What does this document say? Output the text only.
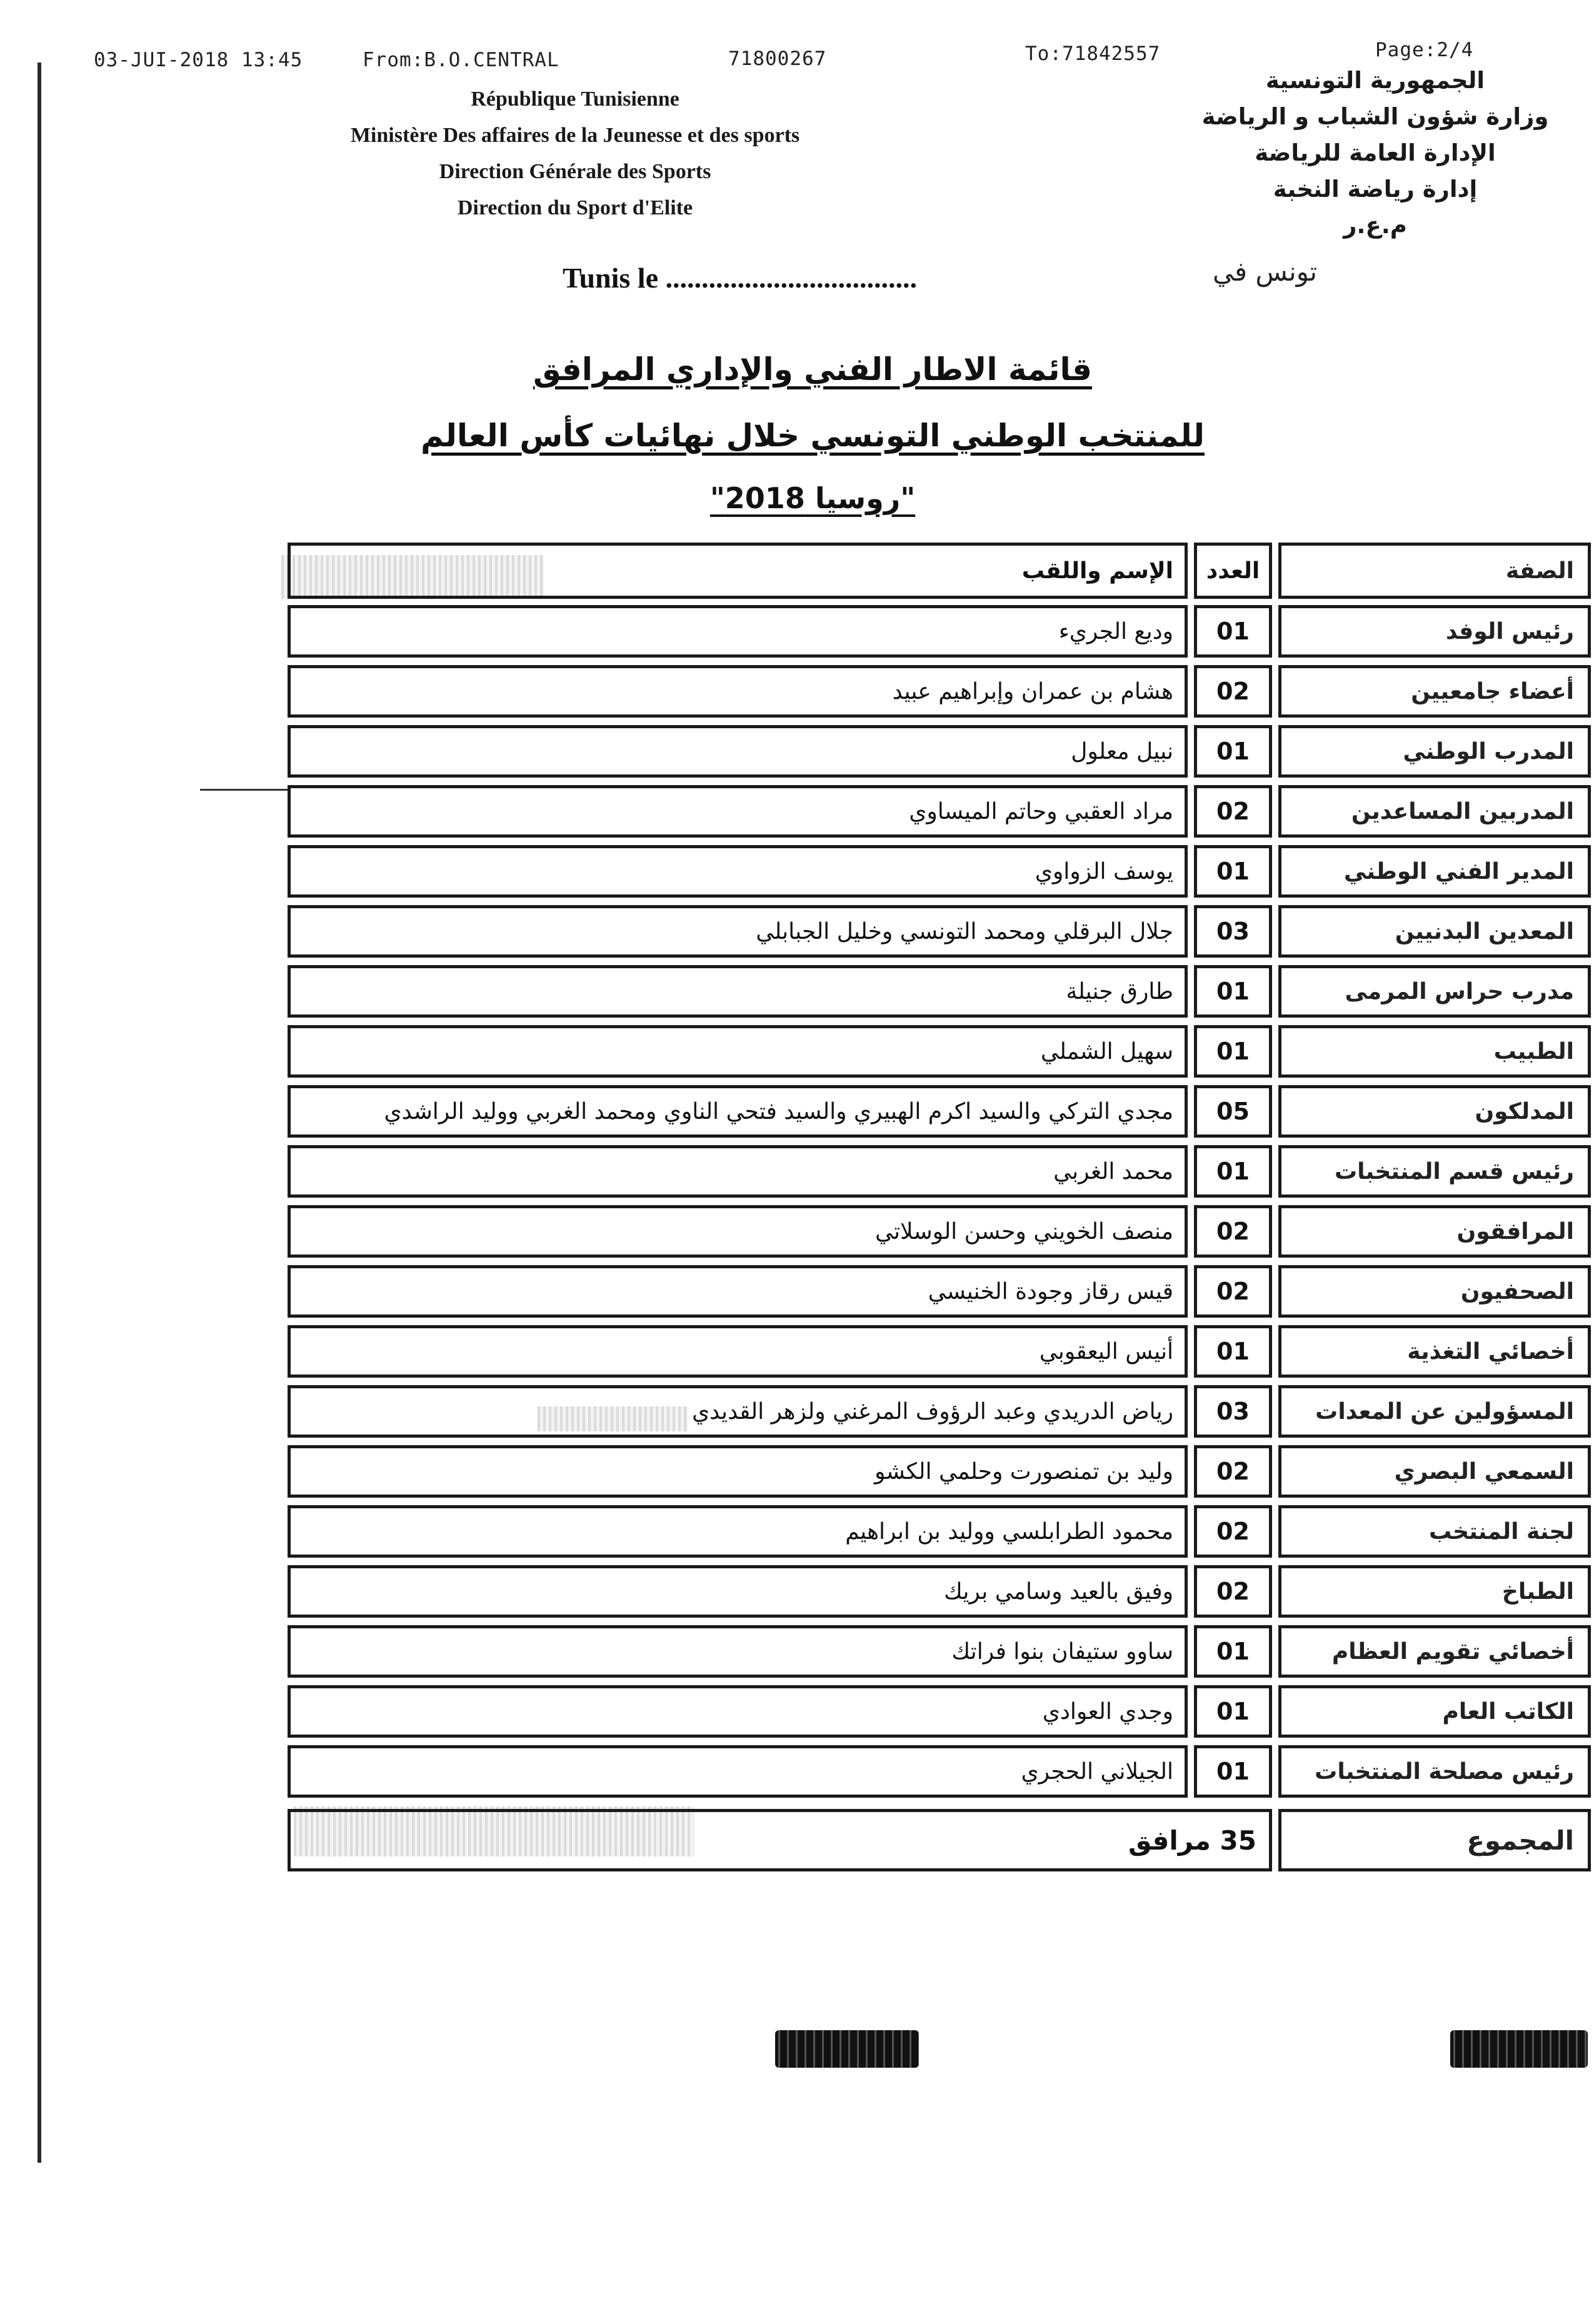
03-JUI-2018 13:45	From:B.O.CENTRAL	71800267	To:71842557	Page:2/4
République Tunisienne
Ministère Des affaires de la Jeunesse et des sports
Direction Générale des Sports
Direction du Sport d'Elite
الجمهورية التونسية
وزارة شؤون الشباب و الرياضة
الإدارة العامة للرياضة
إدارة رياضة النخبة
م.ع.ر
Tunis le ...................................	تونس في
قائمة الاطار الفني والإداري المرافق
للمنتخب الوطني التونسي خلال نهائيات كأس العالم
"روسيا 2018"
الإسم واللقب	العدد	الصفة
وديع الجريء	01	رئيس الوفد
هشام بن عمران وإبراهيم عبيد	02	أعضاء جامعيين
نبيل معلول	01	المدرب الوطني
مراد العقبي وحاتم الميساوي	02	المدربين المساعدين
يوسف الزواوي	01	المدير الفني الوطني
جلال البرقلي ومحمد التونسي وخليل الجبابلي	03	المعدين البدنيين
طارق جنيلة	01	مدرب حراس المرمى
سهيل الشملي	01	الطبيب
مجدي التركي والسيد اكرم الهبيري والسيد فتحي الناوي ومحمد الغربي ووليد الراشدي	05	المدلكون
محمد الغربي	01	رئيس قسم المنتخبات
منصف الخويني وحسن الوسلاتي	02	المرافقون
قيس رقاز وجودة الخنيسي	02	الصحفيون
أنيس اليعقوبي	01	أخصائي التغذية
رياض الدريدي وعبد الرؤوف المرغني ولزهر القديدي	03	المسؤولين عن المعدات
وليد بن تمنصورت وحلمي الكشو	02	السمعي البصري
محمود الطرابلسي ووليد بن ابراهيم	02	لجنة المنتخب
وفيق بالعيد وسامي بريك	02	الطباخ
ساوو ستيفان بنوا فراتك	01	أخصائي تقويم العظام
وجدي العوادي	01	الكاتب العام
الجيلاني الحجري	01	رئيس مصلحة المنتخبات
35 مرافق	المجموع
